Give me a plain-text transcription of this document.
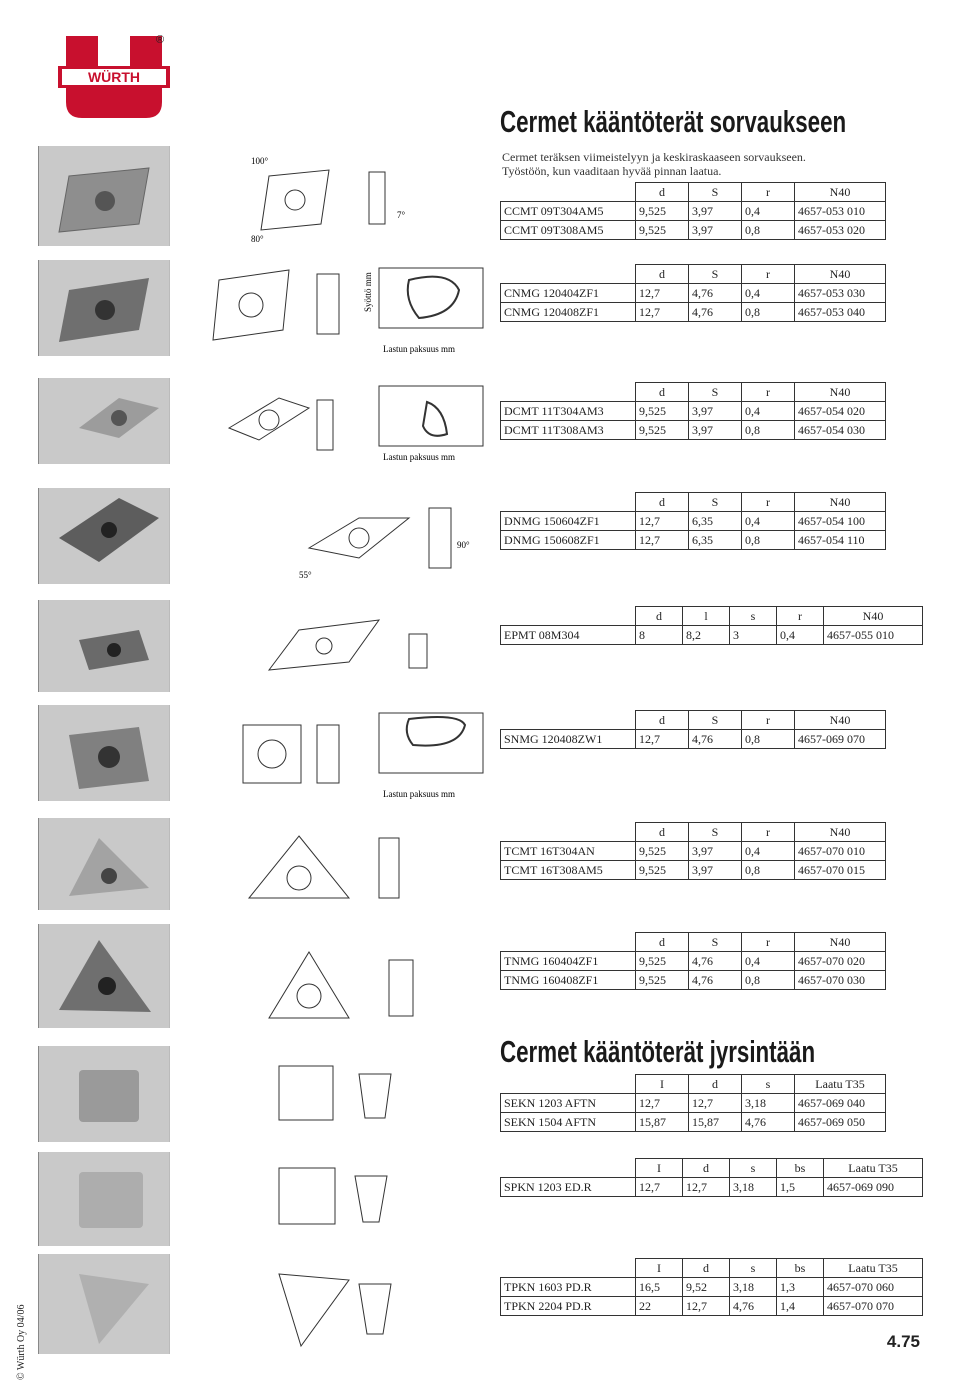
WÜRTH
®
Cermet kääntöterät sorvaukseen
Cermet teräksen viimeistelyyn ja keskiraskaaseen sorvaukseen.
Työstöön, kun vaaditaan hyvää pinnan laatua.
100°
80°
7°
Syöttö mm
Lastun paksuus mm
Lastun paksuus mm
55°
90°
Lastun paksuus mm
Cermet kääntöterät jyrsintään
	d	S	r	N40
CCMT 09T304AM5	9,525	3,97	0,4	4657-053 010
CCMT 09T308AM5	9,525	3,97	0,8	4657-053 020
	d	S	r	N40
CNMG 120404ZF1	12,7	4,76	0,4	4657-053 030
CNMG 120408ZF1	12,7	4,76	0,8	4657-053 040
	d	S	r	N40
DCMT 11T304AM3	9,525	3,97	0,4	4657-054 020
DCMT 11T308AM3	9,525	3,97	0,8	4657-054 030
	d	S	r	N40
DNMG 150604ZF1	12,7	6,35	0,4	4657-054 100
DNMG 150608ZF1	12,7	6,35	0,8	4657-054 110
	d	l	s	r	N40
EPMT 08M304	8	8,2	3	0,4	4657-055 010
	d	S	r	N40
SNMG 120408ZW1	12,7	4,76	0,8	4657-069 070
	d	S	r	N40
TCMT 16T304AN	9,525	3,97	0,4	4657-070 010
TCMT 16T308AM5	9,525	3,97	0,8	4657-070 015
	d	S	r	N40
TNMG 160404ZF1	9,525	4,76	0,4	4657-070 020
TNMG 160408ZF1	9,525	4,76	0,8	4657-070 030
	I	d	s	Laatu T35
SEKN 1203 AFTN	12,7	12,7	3,18	4657-069 040
SEKN 1504 AFTN	15,87	15,87	4,76	4657-069 050
	I	d	s	bs	Laatu T35
SPKN 1203 ED.R	12,7	12,7	3,18	1,5	4657-069 090
	I	d	s	bs	Laatu T35
TPKN 1603 PD.R	16,5	9,52	3,18	1,3	4657-070 060
TPKN 2204 PD.R	22	12,7	4,76	1,4	4657-070 070
4.75
© Würth Oy 04/06
